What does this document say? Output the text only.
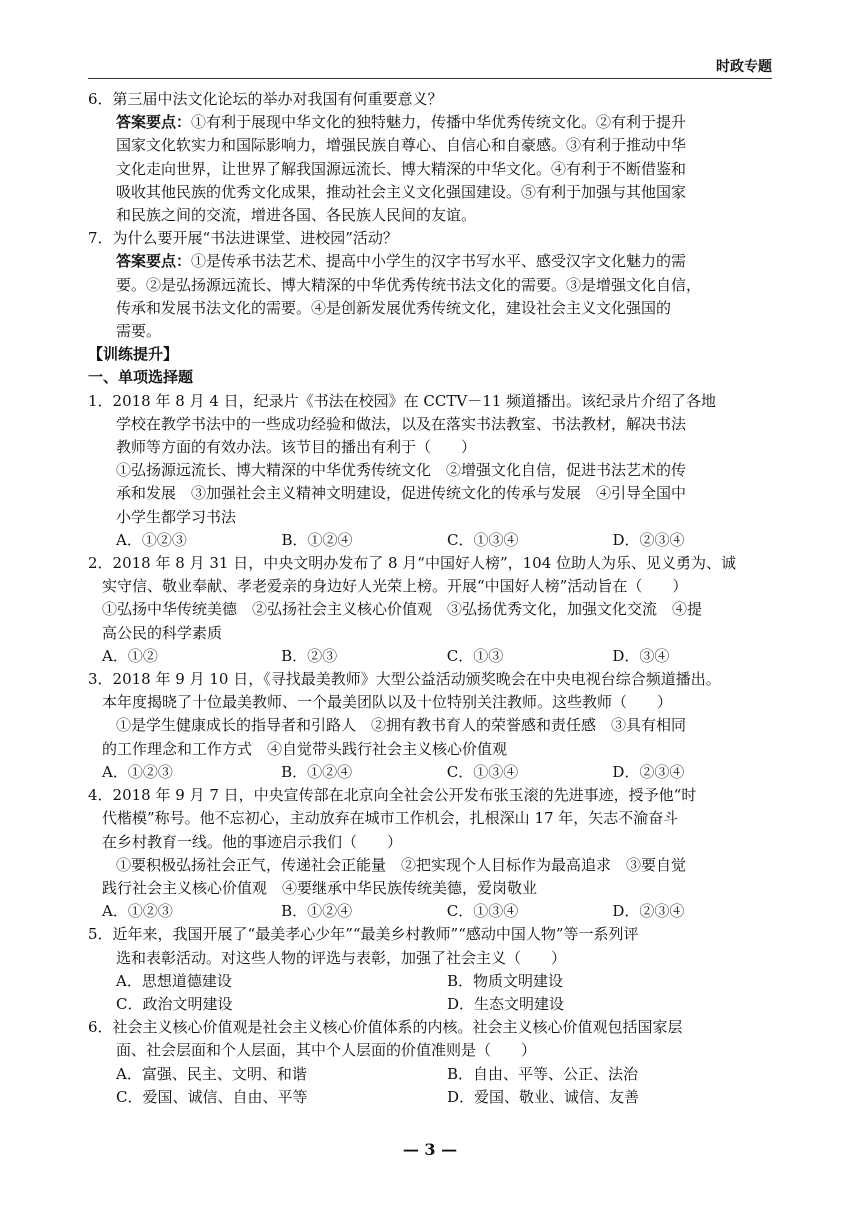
时政专题
6．第三届中法文化论坛的举办对我国有何重要意义？
答案要点：①有利于展现中华文化的独特魅力，传播中华优秀传统文化。②有利于提升
国家文化软实力和国际影响力，增强民族自尊心、自信心和自豪感。③有利于推动中华
文化走向世界，让世界了解我国源远流长、博大精深的中华文化。④有利于不断借鉴和
吸收其他民族的优秀文化成果，推动社会主义文化强国建设。⑤有利于加强与其他国家
和民族之间的交流，增进各国、各民族人民间的友谊。
7．为什么要开展“书法进课堂、进校园”活动？
答案要点：①是传承书法艺术、提高中小学生的汉字书写水平、感受汉字文化魅力的需
要。②是弘扬源远流长、博大精深的中华优秀传统书法文化的需要。③是增强文化自信，
传承和发展书法文化的需要。④是创新发展优秀传统文化，建设社会主义文化强国的
需要。
【训练提升】
一、单项选择题
1．2018 年 8 月 4 日，纪录片《书法在校园》在 CCTV－11 频道播出。该纪录片介绍了各地
学校在教学书法中的一些成功经验和做法，以及在落实书法教室、书法教材，解决书法
教师等方面的有效办法。该节目的播出有利于（　　）
①弘扬源远流长、博大精深的中华优秀传统文化　②增强文化自信，促进书法艺术的传
承和发展　③加强社会主义精神文明建设，促进传统文化的传承与发展　④引导全国中
小学生都学习书法
A．①②③	B．①②④	C．①③④	D．②③④
2．2018 年 8 月 31 日，中央文明办发布了 8 月“中国好人榜”，104 位助人为乐、见义勇为、诚
实守信、敬业奉献、孝老爱亲的身边好人光荣上榜。开展“中国好人榜”活动旨在（　　）
①弘扬中华传统美德　②弘扬社会主义核心价值观　③弘扬优秀文化，加强文化交流　④提
高公民的科学素质
A．①②	B．②③	C．①③	D．③④
3．2018 年 9 月 10 日，《寻找最美教师》大型公益活动颁奖晚会在中央电视台综合频道播出。
本年度揭晓了十位最美教师、一个最美团队以及十位特别关注教师。这些教师（　　）
①是学生健康成长的指导者和引路人　②拥有教书育人的荣誉感和责任感　③具有相同
的工作理念和工作方式　④自觉带头践行社会主义核心价值观
A．①②③	B．①②④	C．①③④	D．②③④
4．2018 年 9 月 7 日，中央宣传部在北京向全社会公开发布张玉滚的先进事迹，授予他“时
代楷模”称号。他不忘初心，主动放弃在城市工作机会，扎根深山 17 年，矢志不渝奋斗
在乡村教育一线。他的事迹启示我们（　　）
①要积极弘扬社会正气，传递社会正能量　②把实现个人目标作为最高追求　③要自觉
践行社会主义核心价值观　④要继承中华民族传统美德，爱岗敬业
A．①②③	B．①②④	C．①③④	D．②③④
5．近年来，我国开展了“最美孝心少年”“最美乡村教师”“感动中国人物”等一系列评
选和表彰活动。对这些人物的评选与表彰，加强了社会主义（　　）
A．思想道德建设	B．物质文明建设
C．政治文明建设	D．生态文明建设
6．社会主义核心价值观是社会主义核心价值体系的内核。社会主义核心价值观包括国家层
面、社会层面和个人层面，其中个人层面的价值准则是（　　）
A．富强、民主、文明、和谐	B．自由、平等、公正、法治
C．爱国、诚信、自由、平等	D．爱国、敬业、诚信、友善
— 3 —
